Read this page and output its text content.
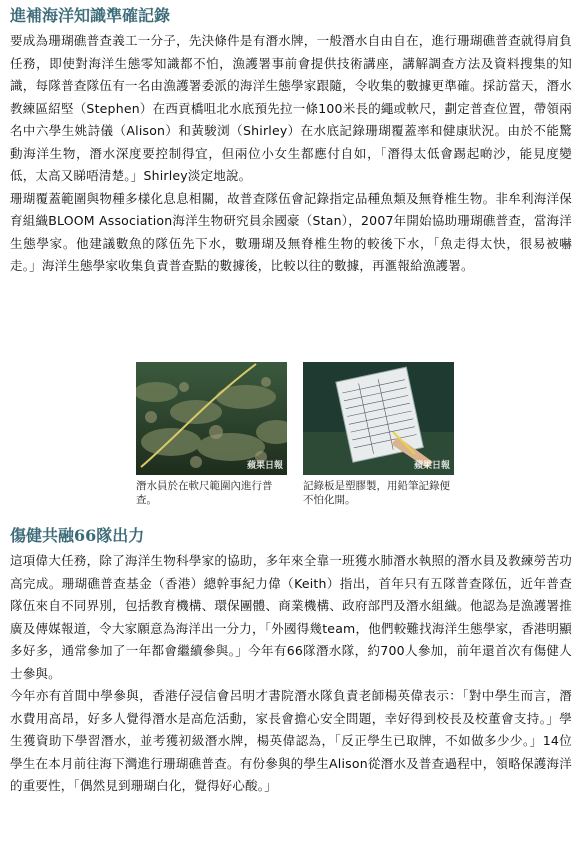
進補海洋知識準確記錄

要成為珊瑚礁普查義工一分子，先決條件是有潛水牌，一般潛水自由自在，進行珊瑚礁普查就得肩負任務，即使對海洋生態零知識都不怕，漁護署事前會提供技術講座，講解調查方法及資料搜集的知識，每隊普查隊伍有一名由漁護署委派的海洋生態學家跟隨，令收集的數據更準確。採訪當天，潛水教練區紹堅（Stephen）在西貢橋咀北水底預先拉一條100米長的繩或軟尺，劃定普查位置，帶領兩名中六學生姚詩儀（Alison）和黃駿浏（Shirley）在水底記錄珊瑚覆蓋率和健康狀況。由於不能驚動海洋生物，潛水深度要控制得宜，但兩位小女生都應付自如，「潛得太低會踢起啲沙，能見度變低，太高又睇唔清楚。」Shirley淡定地說。

珊瑚覆蓋範圍與物種多樣化息息相關，故普查隊伍會記錄指定品種魚類及無脊椎生物。非牟利海洋保育組織BLOOM Association海洋生物研究員余國豪（Stan），2007年開始協助珊瑚礁普查，當海洋生態學家。他建議數魚的隊伍先下水，數珊瑚及無脊椎生物的較後下水，「魚走得太快，很易被嚇走。」海洋生態學家收集負責普查點的數據後，比較以往的數據，再滙報給漁護署。

蘋果日報
潛水員於在軟尺範圍內進行普查。
蘋果日報
記錄板是塑膠製，用鉛筆記錄便不怕化開。
傷健共融66隊出力

這項偉大任務，除了海洋生物科學家的協助，多年來全靠一班獲水肺潛水執照的潛水員及教練勞苦功高完成。珊瑚礁普查基金（香港）總幹事紀力偉（Keith）指出，首年只有五隊普查隊伍，近年普查隊伍來自不同界別，包括教育機構、環保團體、商業機構、政府部門及潛水組織。他認為是漁護署推廣及傳媒報道，令大家願意為海洋出一分力，「外國得幾team，他們較難找海洋生態學家，香港明顯多好多，通常參加了一年都會繼續參與。」今年有66隊潛水隊，約700人參加，前年還首次有傷健人士參與。

今年亦有首間中學參與，香港仔浸信會呂明才書院潛水隊負責老師楊英偉表示：「對中學生而言，潛水費用高昂，好多人覺得潛水是高危活動，家長會擔心安全問題，幸好得到校長及校董會支持。」學生獲資助下學習潛水，並考獲初級潛水牌，楊英偉認為，「反正學生已取牌，不如做多少少。」14位學生在本月前往海下灣進行珊瑚礁普查。有份參與的學生Alison從潛水及普查過程中，領略保護海洋的重要性，「偶然見到珊瑚白化，覺得好心酸。」
